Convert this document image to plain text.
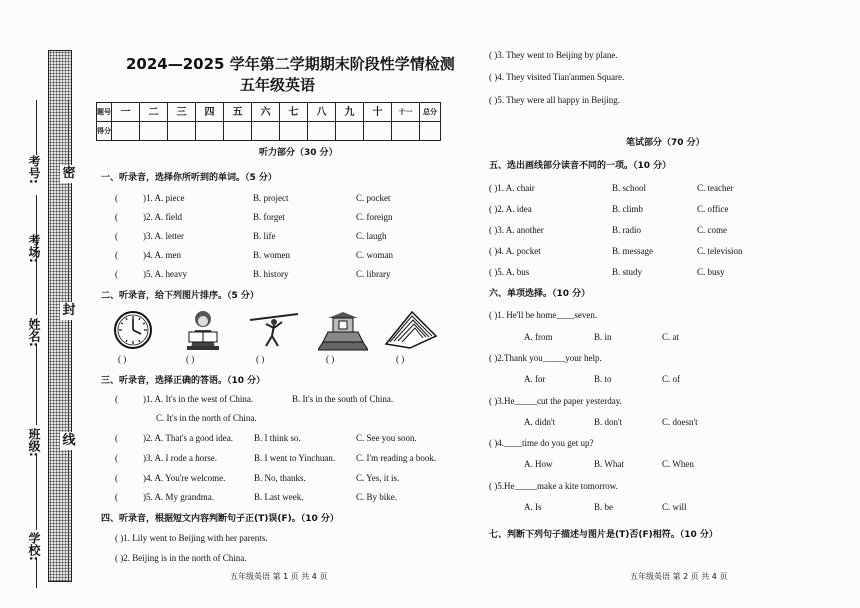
学校:
班级:
姓名:
考场:
考号: 密
封
线
2024—2025 学年第二学期期末阶段性学情检测
五年级英语
题号	一	二	三	四	五	六	七	八	九	十	十一	总分
得分												
听力部分（30 分）
一、听录音，选择你所听到的单词。（5 分）
(	)1. A. piece	B. project	C. pocket
(	)2. A. field	B. forget	C. foreign
(	)3. A. letter	B. life	C. laugh
(	)4. A. men	B. women	C. woman
(	)5. A. heavy	B. history	C. library
二、听录音，给下列图片排序。（5 分）
( )	( )	( )	( )	( )
三、听录音，选择正确的答语。（10 分）
(	)1. A. It's in the west of China.	B. It's in the south of China.
C. It's in the north of China.
(	)2. A. That's a good idea. B. I think so.	C. See you soon.
(	)3. A. I rode a horse.	B. I went to Yinchuan. C. I'm reading a book.
(	)4. A. You're welcome.	B. No, thanks.	C. Yes, it is.
(	)5. A. My grandma.	B. Last week.	C. By bike.
四、听录音，根据短文内容判断句子正(T)误(F)。（10 分）
( )1. Lily went to Beijing with her parents.
( )2. Beijing is in the north of China.
五年级英语 第 1 页 共 4 页
( )3. They went to Beijing by plane.
( )4. They visited Tian'anmen Square.
( )5. They were all happy in Beijing.
笔试部分（70 分）
五、选出画线部分读音不同的一项。（10 分）
( )1. A. chair	B. school	C. teacher
( )2. A. idea	B. climb	C. office
( )3. A. another	B. radio	C. come
( )4. A. pocket	B. message	C. television
( )5. A. bus	B. study	C. busy
六、单项选择。（10 分）
( )1. He'll be home____seven.
A. from	B. in	C. at
( )2.Thank you_____your help.
A. for	B. to	C. of
( )3.He_____cut the paper yesterday.
A. didn't	B. don't	C. doesn't
( )4.____time do you get up?
A. How	B. What	C. When
( )5.He_____make a kite tomorrow.
A. Is	B. be	C. will
七、判断下列句子描述与图片是(T)否(F)相符。（10 分）
五年级英语 第 2 页 共 4 页
